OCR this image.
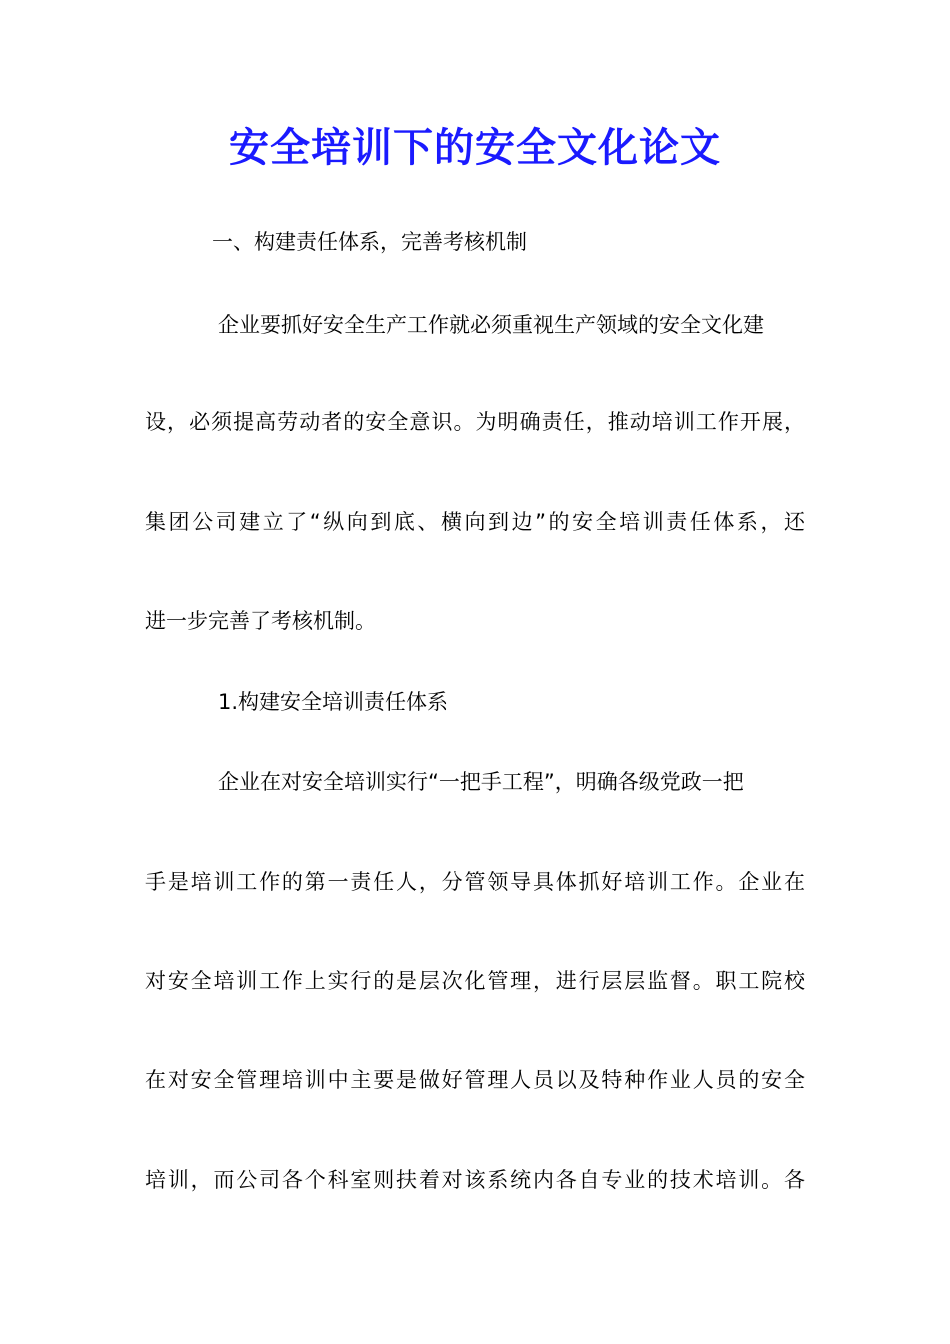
安全培训下的安全文化论文
一、构建责任体系，完善考核机制
企业要抓好安全生产工作就必须重视生产领域的安全文化建
设，必须提高劳动者的安全意识。为明确责任，推动培训工作开展，
集团公司建立了“纵向到底、横向到边”的安全培训责任体系，还
进一步完善了考核机制。
1.构建安全培训责任体系
企业在对安全培训实行“一把手工程”，明确各级党政一把
手是培训工作的第一责任人，分管领导具体抓好培训工作。企业在
对安全培训工作上实行的是层次化管理，进行层层监督。职工院校
在对安全管理培训中主要是做好管理人员以及特种作业人员的安全
培训，而公司各个科室则扶着对该系统内各自专业的技术培训。各
